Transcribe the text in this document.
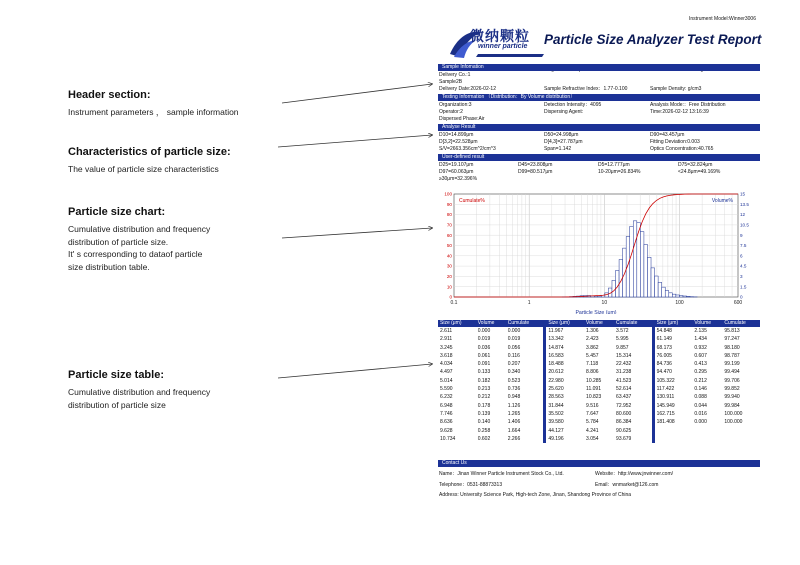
Header section:

Instrument parameters ， sample information

Characteristics of particle size:

The value of particle size characteristics

Particle size chart:

Cumulative distribution and frequency
distribution of particle size.
It' s corresponding to dataof particle
size distribution table.

Particle size table:

Cumulative distribution and frequency
distribution of particle size

Instrument Model:Winner3006
微纳颗粒
winner particle Particle Size Analyzer Test Report
Sample Infomation
Delivery Co.:1
Sample2B
Delivery Date:2026-02-12	Sample Refractive Index：1.77-0.100	Sample Density: g/cm3
Testing Information （Distribution：By Volume distribution）
Organization:3	Detection Intensity：4095	Analysis Mode:：Free Distribution
Operator:2	Dispersing Agent:	Time:2026-02-12 13:16:39
Dispersed Phase:Air
Analyse Result
D10=14.899μm	D50=24.998μm	D90=43.457μm
D[3,2]=22.528μm	D[4,3]=27.787μm	Fitting Deviation:0.003
S/V=2663.356cm^2/cm^3	Span=1.142	Optics Concentration:40.765
User-defined result
D25=19.107μm	D45=23.808μm	D5=12.777μm	D75=32.824μm
D97=60.063μm	D99=80.517μm	10-20μm=26.834%	<24.8μm=49.169%
≥30μm=32.396%
0
10
20
30
40
50
60
70
80
90
100
0
1.5
3
4.5
6
7.5
9
10.5
12
13.5
15
0.1	1	10	100	600
Particle Size (μm)
Cumulate%	Volume%
Size (μm)	Volume	Cumulate		Size (μm)	Volume	Cumulate		Size (μm)	Volume	Cumulate
2.611	0.000	0.000		11.967	1.306	3.572		54.848	2.135	95.813
2.911	0.019	0.019		13.342	2.423	5.995		61.149	1.434	97.247
3.245	0.036	0.056		14.874	3.862	9.857		68.173	0.932	98.180
3.618	0.061	0.116		16.583	5.457	15.314		76.005	0.607	98.787
4.034	0.091	0.207		18.488	7.118	22.432		84.736	0.413	99.199
4.497	0.133	0.340		20.612	8.806	31.238		94.470	0.295	99.494
5.014	0.182	0.523		22.980	10.285	41.523		105.322	0.212	99.706
5.590	0.213	0.736		25.620	11.091	52.614		117.422	0.146	99.852
6.232	0.212	0.948		28.563	10.823	63.437		130.911	0.088	99.940
6.948	0.178	1.126		31.844	9.516	72.952		145.949	0.044	99.984
7.746	0.139	1.265		35.502	7.647	80.600		162.715	0.016	100.000
8.636	0.140	1.406		39.580	5.784	86.384		181.408	0.000	100.000
9.628	0.258	1.664		44.127	4.241	90.625				
10.734	0.602	2.266		49.196	3.054	93.679				
Contact Us
Name：Jinan Winner Particle Instrument Stock Co., Ltd.	Website：http://www.jnwinner.com/
Telephone：0531-88873313	Email：wnmarket@126.com
Address: University Science Park, High-tech Zone, Jinan, Shandong Province of China
